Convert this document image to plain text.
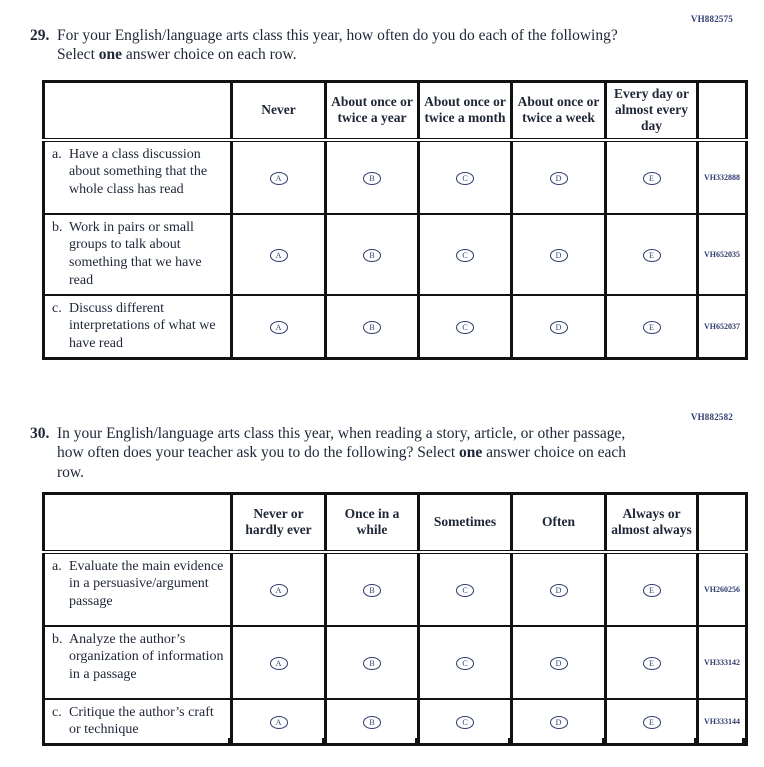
VH882575
29. For your English/language arts class this year, how often do you do each of the following? Select one answer choice on each row.
	Never	About once or twice a year	About once or twice a month	About once or twice a week	Every day or almost every day	

a. Have a class discussion about something that the whole class has read	A	B	C	D	E	VH332888

b. Work in pairs or small groups to talk about something that we have read	A	B	C	D	E	VH652035

c. Discuss different interpretations of what we have read	A	B	C	D	E	VH652037
VH882582
30. In your English/language arts class this year, when reading a story, article, or other passage, how often does your teacher ask you to do the following? Select one answer choice on each row.
	Never or hardly ever	Once in a while	Sometimes	Often	Always or almost always	

a. Evaluate the main evidence in a persuasive/argument passage	A	B	C	D	E	VH260256

b. Analyze the author’s organization of information in a passage	A	B	C	D	E	VH333142

c. Critique the author’s craft or technique	A	B	C	D	E	VH333144
